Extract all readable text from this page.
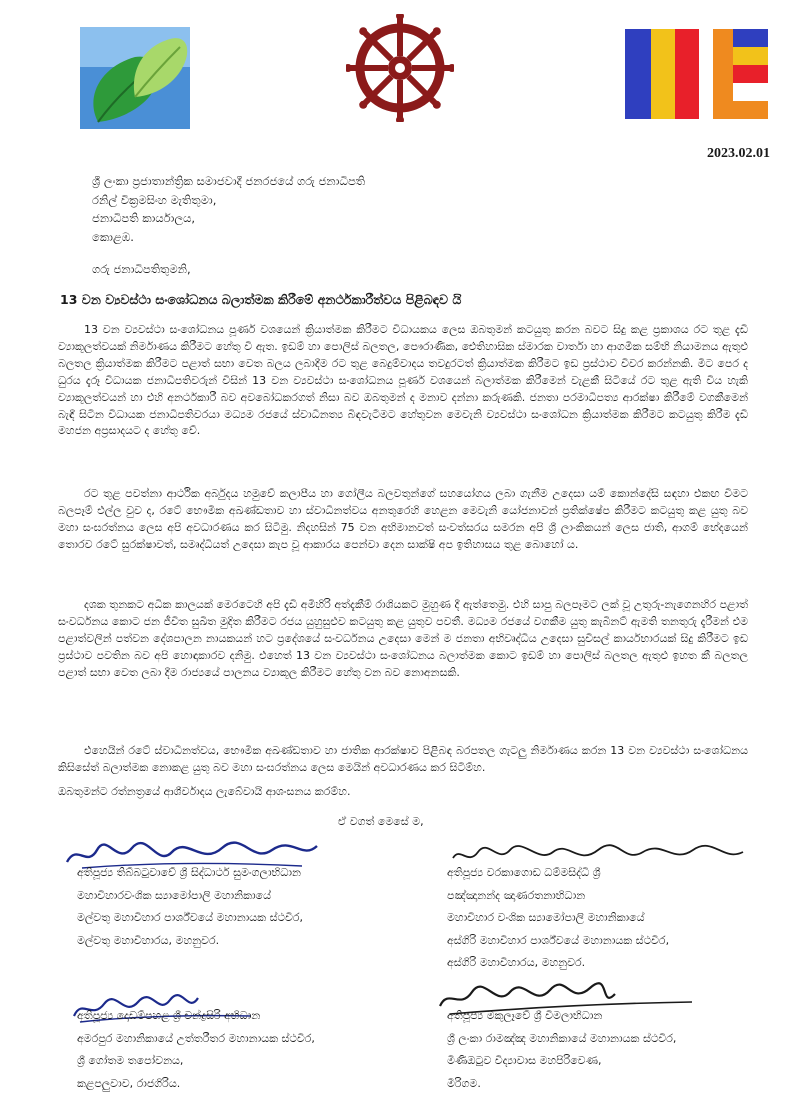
2023.02.01
ශ්‍රී ලංකා ප්‍රජාතාන්ත්‍රික සමාජවාදී ජනරජයේ ගරු ජනාධිපති
රනිල් වික්‍රමසිංහ මැතිතුමා,
ජනාධිපති කාර්යාලය,
කොළඹ.
ගරු ජනාධිපතිතුමනි,
13 වන ව්‍යවස්ථා සංශෝධනය බලාත්මක කිරීමේ අනර්ථකාරීත්වය පිළිබඳව යි
13 වන ව්‍යවස්ථා සංශෝධනය පූර්ණ වශයෙන් ක්‍රියාත්මක කිරීමට විධායකය ලෙස ඔබතුමන් කටයුතු කරන බවට සිදු කළ ප්‍රකාශය රට තුළ දැඩි ව්‍යාකූලත්වයක් නිර්මාණය කිරීමට හේතු වී ඇත. ඉඩම් හා පොලිස් බලතල, පෞරාණික, ඓතිහාසික ස්මාරක වාර්තා හා ආගමික සම්භි නියාමනය ඇතුළු බලතල ක්‍රියාත්මක කිරීමට පළාත් සභා වෙත බලය ලබාදීම රට තුළ බෙදුම්වාදය තවදුරටත් ක්‍රියාත්මක කිරීමට ඉඩ ප්‍රස්ථාව විවර කරන්නකි. මීට පෙර ද ධුරය දැරූ විධායක ජනාධිපතිවරුන් විසින් 13 වන ව්‍යවස්ථා සංශෝධනය පූර්ණ වශයෙන් බලාත්මක කිරීමෙන් වැළකී සිටියේ රට තුළ ඇති විය හැකි ව්‍යාකූලත්වයන් හා එහි අනර්ථකාරී බව අවබෝධකරගත් නිසා බව ඔබතුමන් ද මනාව දන්නා කරුණකි. ජනතා පරමාධිපත්‍ය ආරක්ෂා කිරීමේ වගකීමෙන් බැඳී සිටින විධායක ජනාධිපතිවරයා මධ්‍යම රජයේ ස්වාධීනත්‍ය බිඳවැටීමට හේතුවන මෙවැනි ව්‍යවස්ථා සංශෝධන ක්‍රියාත්මක කිරීමට කටයුතු කිරීම දැඩි මහජන අප්‍රසාදයට ද හේතු වේ.
රට තුළ පවත්නා ආර්ථික අර්බුදය හමුවේ කලාපීය හා ගෝලීය බලවතුන්ගේ සහයෝගය ලබා ගැනීම උදෙසා යම් කොන්දේසි සඳහා එකඟ වීමට බලපෑම් එල්ල වුව ද, රටේ භෞමික අඛණ්ඩතාව හා ස්වාධීනත්වය අනතුරෙහි හෙළන මෙවැනි යෝජනාවන් ප්‍රතික්ෂේප කිරීමට කටයුතු කළ යුතු බව මහා සංඝරත්නය ලෙස අපි අවධාරණය කර සිටිමු. නිදහසින් 75 වන අභිමානවත් සංවත්සරය සමරන අපි ශ්‍රී ලාංකිකයන් ලෙස ජාති, ආගම් භේදයෙන් තොරව රටේ සුරක්ෂාවත්, සමෘද්ධියත් උදෙසා කැප වූ ආකාරය පෙන්වා දෙන සාක්ෂි අප ඉතිහාසය තුළ බොහෝ ය.
දශක තුනකට අධික කාලයක් මෙරටෙහි අපි දැඩි අමිහිරි අත්දැකීම් රාශියකට මුහුණ දී ඇත්තෙමු. එහි සාපු බලපෑමට ලක් වූ උතුරු-නැගෙනහිර පළාත් සංවර්ධනය කොට ජන ජීවිත සුඛිත මුදිත කිරීමට රජය යුහුසුළුව කටයුතු කළ යුතුව පවතී. මධ්‍යම රජයේ වගකීම යුතු කැබිනට් ඇමති තනතුරු දැරීමන් එම පළාත්වලින් පත්වන දේශපාලන නායකයන් හට ප්‍රදේශයේ සංවර්ධනය උදෙසා මෙන් ම ජනතා අභිවෘද්ධිය උදෙසා සුවිසල් කාර්යභාරයක් සිදු කිරීමට ඉඩ ප්‍රස්ථාව පවතින බව අපි හොඳාකාරව දනිමු. එහෙත් 13 වන ව්‍යවස්ථා සංශෝධනය බලාත්මක කොට ඉඩම් හා පොලිස් බලතල ඇතුළු ඉහත කී බලතල පළාත් සභා වෙත ලබා දීම රාජ්‍යයේ පාලනය ව්‍යාකූල කිරීමට හේතු වන බව නොඅනසකි.
එහෙයින් රටේ ස්වාධීනත්වය, භෞමික අඛණ්ඩතාව හා ජාතික ආරක්ෂාව පිළිබඳ බරපතල ගැටලු නිර්මාණය කරන 13 වන ව්‍යවස්ථා සංශෝධනය කිසිසේත් බලාත්මක නොකළ යුතු බව මහා සංඝරත්නය ලෙස මෙයින් අවධාරණය කර සිටිම්හ.
ඔබතුමන්ට රත්නත්‍රයේ ආශීර්වාදය ලැබේවායි ආශංසනය කරම්හ.
ඒ වගත් මෙසේ ම,
අතිපූජ්‍ය තිබ්බටුවාවේ ශ්‍රී සිද්ධාර්ථ සුමංගලාභිධාන
මහාවිහාරවංශික ස්‍යාමෝපාලි මහානිකායේ
මල්වතු මහාවිහාර පාර්ශ්වයේ මහානායක ස්ථවිර,
මල්වතු මහාවිහාරය, මහනුවර.
අතිපූජ්‍ය වරකාගොඩ ධම්මසිද්ධි ශ්‍රී
පඤ්ඤානන්ද ඤාණරතනාභිධාන
මහාවිහාර වංශික ස්‍යාමෝපාලි මහානිකායේ
අස්ගිරි මහාවිහාර පාර්ශ්වයේ මහානායක ස්ථවිර,
අස්ගිරි මහාවිහාරය, මහනුවර.
අතිපූජ්‍ය දොඩම්පහළ ශ්‍රී චන්ද්‍රසිරි අභිධාන
අමරපුර මහානිකායේ උත්තරීතර මහානායක ස්ථවිර,
ශ්‍රී ගෝතම තපෝවනය,
කළපලුවාව, රාජගිරිය.
අතිපූජ්‍ය මකුලෑවේ ශ්‍රී විමලාභිධාන
ශ්‍රී ලංකා රාමඤ්ඤ මහානිකායේ මහානායක ස්ථවිර,
මිණිඔටුව විද්‍යාවාස මහපිරිවෙණ,
මීරිගම.
